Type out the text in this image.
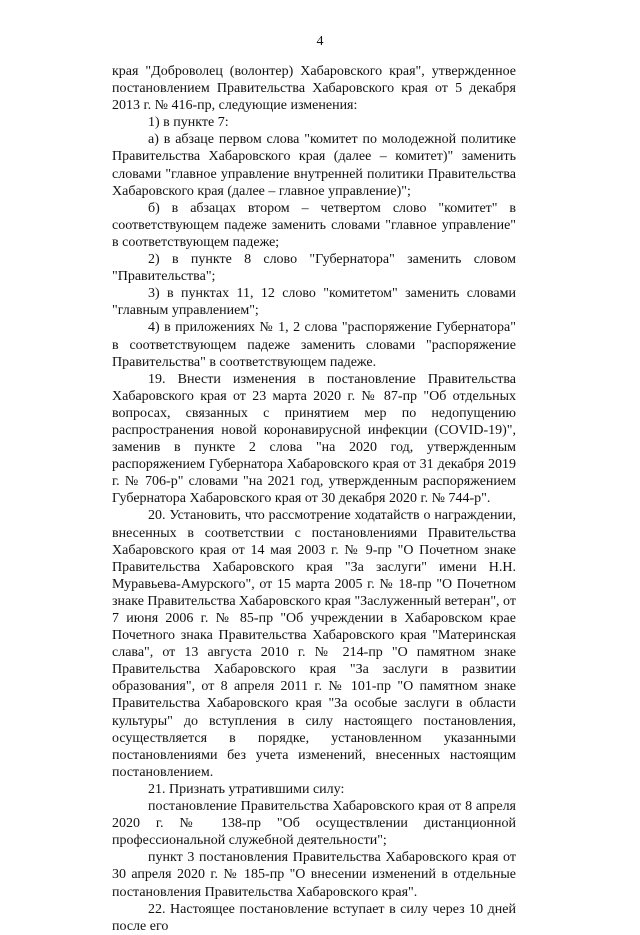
4

края "Доброволец (волонтер) Хабаровского края", утвержденное постановлением Правительства Хабаровского края от 5 декабря 2013 г. № 416-пр, следующие изменения:

1) в пункте 7:

а) в абзаце первом слова "комитет по молодежной политике Правительства Хабаровского края (далее – комитет)" заменить словами "главное управление внутренней политики Правительства Хабаровского края (далее – главное управление)";

б) в абзацах втором – четвертом слово "комитет" в соответствующем падеже заменить словами "главное управление" в соответствующем падеже;

2) в пункте 8 слово "Губернатора" заменить словом "Правительства";

3) в пунктах 11, 12 слово "комитетом" заменить словами "главным управлением";

4) в приложениях № 1, 2 слова "распоряжение Губернатора" в соответствующем падеже заменить словами "распоряжение Правительства" в соответствующем падеже.

19. Внести изменения в постановление Правительства Хабаровского края от 23 марта 2020 г. № 87-пр "Об отдельных вопросах, связанных с принятием мер по недопущению распространения новой коронавирусной инфекции (COVID-19)", заменив в пункте 2 слова "на 2020 год, утвержденным распоряжением Губернатора Хабаровского края от 31 декабря 2019 г. № 706-р" словами "на 2021 год, утвержденным распоряжением Губернатора Хабаровского края от 30 декабря 2020 г. № 744-р".

20. Установить, что рассмотрение ходатайств о награждении, внесенных в соответствии с постановлениями Правительства Хабаровского края от 14 мая 2003 г. № 9-пр "О Почетном знаке Правительства Хабаровского края "За заслуги" имени Н.Н. Муравьева-Амурского", от 15 марта 2005 г. № 18-пр "О Почетном знаке Правительства Хабаровского края "Заслуженный ветеран", от 7 июня 2006 г. № 85-пр "Об учреждении в Хабаровском крае Почетного знака Правительства Хабаровского края "Материнская слава", от 13 августа 2010 г. № 214-пр "О памятном знаке Правительства Хабаровского края "За заслуги в развитии образования", от 8 апреля 2011 г. № 101-пр "О памятном знаке Правительства Хабаровского края "За особые заслуги в области культуры" до вступления в силу настоящего постановления, осуществляется в порядке, установленном указанными постановлениями без учета изменений, внесенных настоящим постановлением.

21. Признать утратившими силу:

постановление Правительства Хабаровского края от 8 апреля 2020 г. № 138-пр "Об осуществлении дистанционной профессиональной служебной деятельности";

пункт 3 постановления Правительства Хабаровского края от 30 апреля 2020 г. № 185-пр "О внесении изменений в отдельные постановления Правительства Хабаровского края".

22. Настоящее постановление вступает в силу через 10 дней после его
